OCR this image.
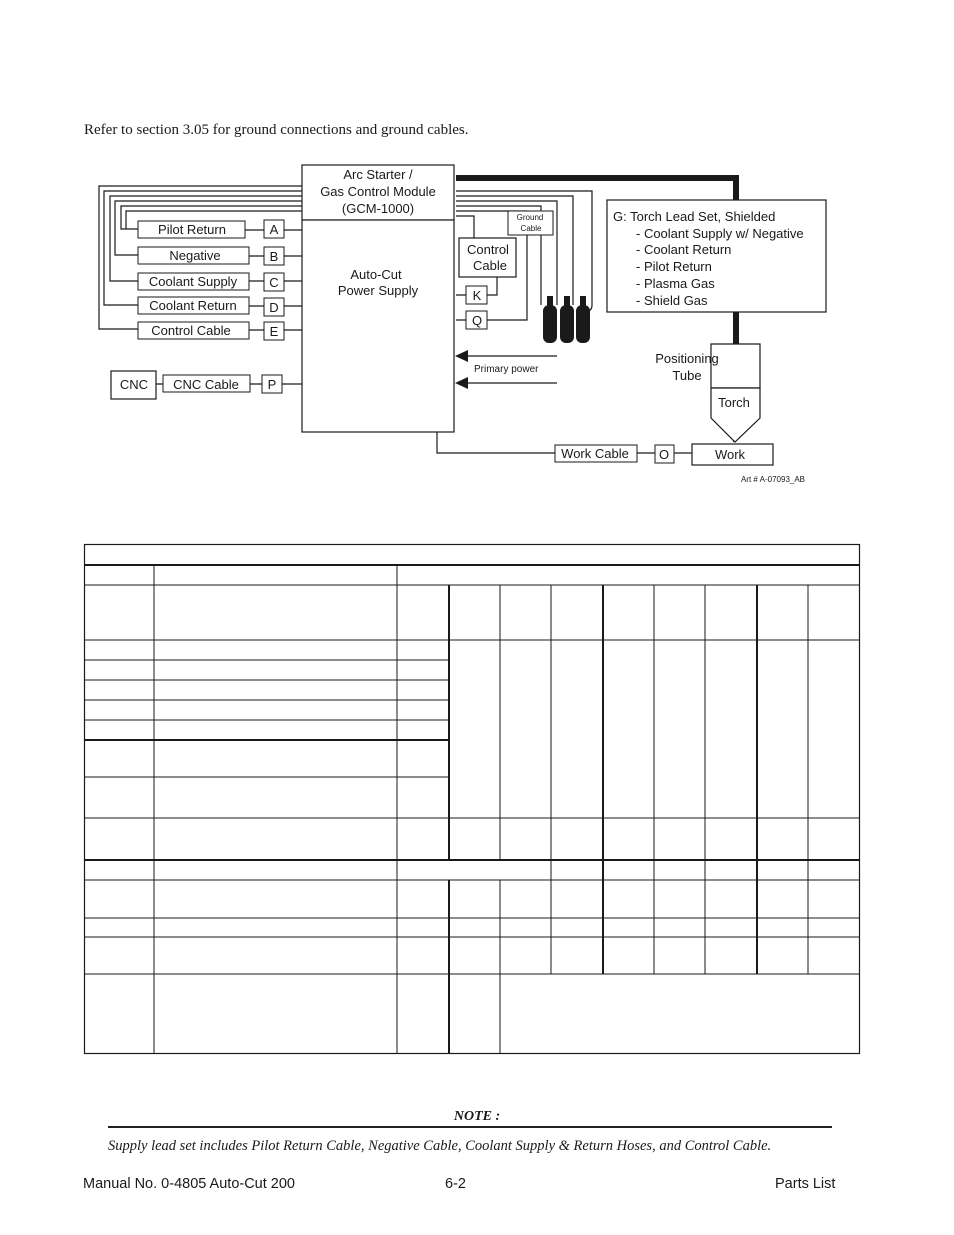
Refer to section 3.05 for ground connections and ground cables.
Arc Starter /
Gas Control Module
(GCM-1000)
Auto-Cut
Power Supply
Pilot Return	A
Negative	B
Coolant Supply C
Coolant Return	D
Control Cable	E
CNC CNC Cable P
Control
Cable
K
Q
Ground
Cable
Primary power
G: Torch Lead Set, Shielded
- Coolant Supply w/ Negative
- Coolant Return
- Pilot Return
- Plasma Gas
- Shield Gas
Positioning
Tube
Torch
Work Cable O	Work
Art # A-07093_AB
NOTE :
Supply lead set includes Pilot Return Cable, Negative Cable, Coolant Supply & Return Hoses, and Control Cable.
Manual No. 0-4805 Auto-Cut 200	6-2	Parts List
